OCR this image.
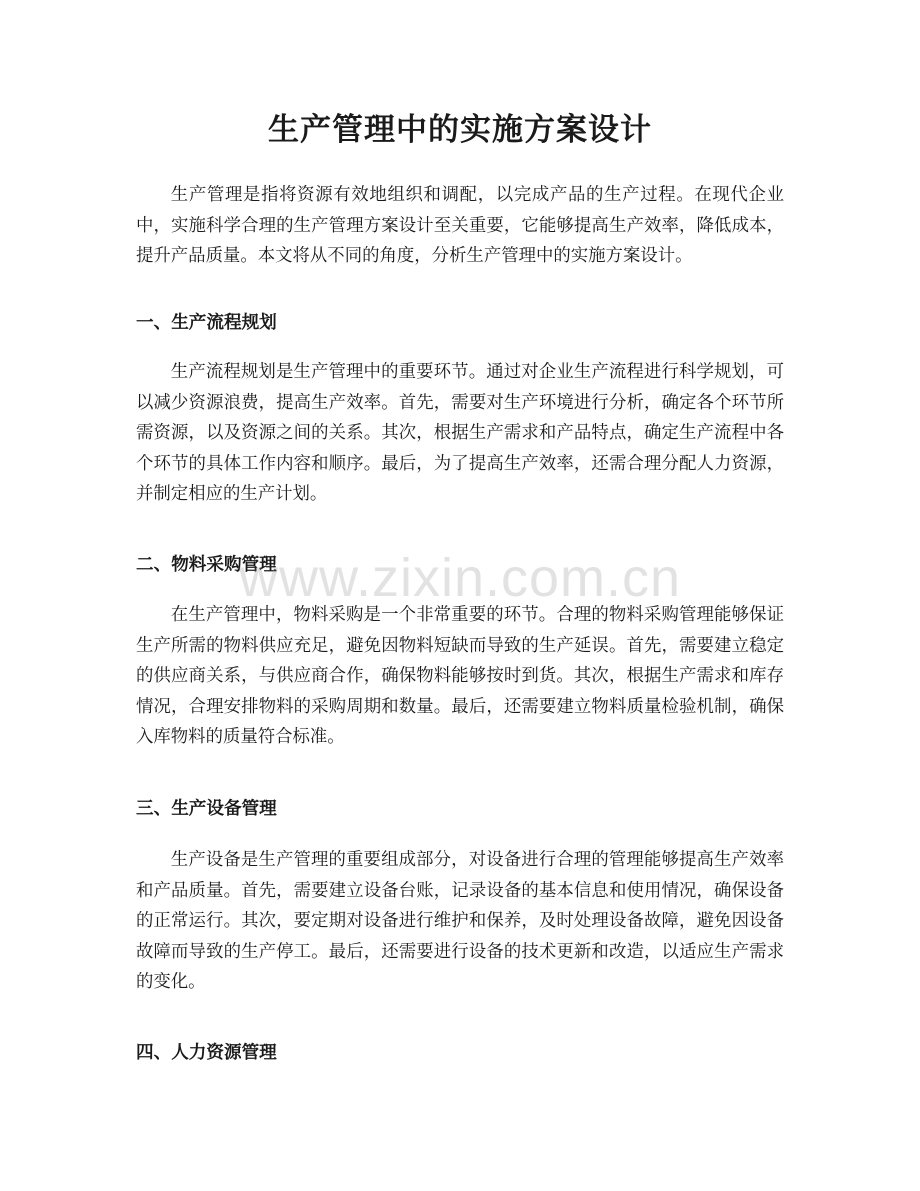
生产管理中的实施方案设计

生产管理是指将资源有效地组织和调配，以完成产品的生产过程。在现代企业中，实施科学合理的生产管理方案设计至关重要，它能够提高生产效率，降低成本，提升产品质量。本文将从不同的角度，分析生产管理中的实施方案设计。

一、生产流程规划

生产流程规划是生产管理中的重要环节。通过对企业生产流程进行科学规划，可以减少资源浪费，提高生产效率。首先，需要对生产环境进行分析，确定各个环节所需资源，以及资源之间的关系。其次，根据生产需求和产品特点，确定生产流程中各个环节的具体工作内容和顺序。最后，为了提高生产效率，还需合理分配人力资源，并制定相应的生产计划。

二、物料采购管理

在生产管理中，物料采购是一个非常重要的环节。合理的物料采购管理能够保证生产所需的物料供应充足，避免因物料短缺而导致的生产延误。首先，需要建立稳定的供应商关系，与供应商合作，确保物料能够按时到货。其次，根据生产需求和库存情况，合理安排物料的采购周期和数量。最后，还需要建立物料质量检验机制，确保入库物料的质量符合标准。

三、生产设备管理

生产设备是生产管理的重要组成部分，对设备进行合理的管理能够提高生产效率和产品质量。首先，需要建立设备台账，记录设备的基本信息和使用情况，确保设备的正常运行。其次，要定期对设备进行维护和保养，及时处理设备故障，避免因设备故障而导致的生产停工。最后，还需要进行设备的技术更新和改造，以适应生产需求的变化。

四、人力资源管理
www.zixin.com.cn
